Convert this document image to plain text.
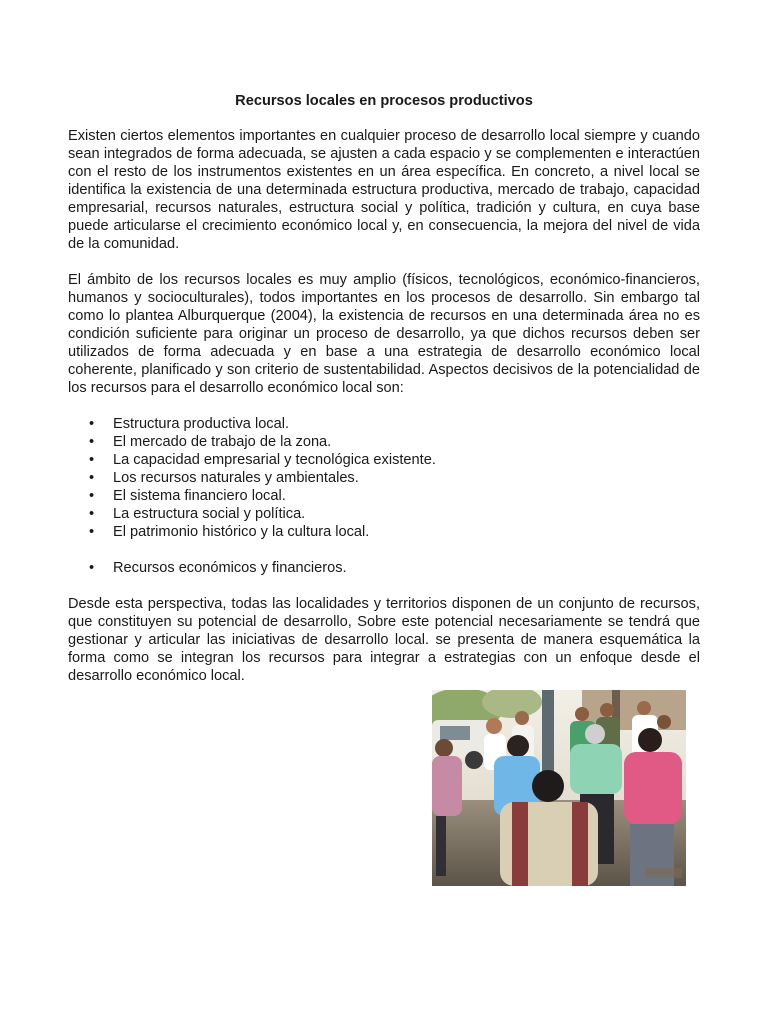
Recursos locales en procesos productivos
Existen ciertos elementos importantes en cualquier proceso de desarrollo local siempre y cuando sean integrados de forma adecuada, se ajusten a cada espacio y se complementen e interactúen con el resto de los instrumentos existentes en un área específica. En concreto, a nivel local se identifica la existencia de una determinada estructura productiva, mercado de trabajo, capacidad empresarial, recursos naturales, estructura social y política, tradición y cultura, en cuya base puede articularse el crecimiento económico local y, en consecuencia, la mejora del nivel de vida de la comunidad.
El ámbito de los recursos locales es muy amplio (físicos, tecnológicos, económico-financieros, humanos y socioculturales), todos importantes en los procesos de desarrollo. Sin embargo tal como lo plantea Alburquerque (2004), la existencia de recursos en una determinada área no es condición suficiente para originar un proceso de desarrollo, ya que dichos recursos deben ser utilizados de forma adecuada y en base a una estrategia de desarrollo económico local coherente, planificado y son criterio de sustentabilidad. Aspectos decisivos de la potencialidad de los recursos para el desarrollo económico local son:
• Estructura productiva local.
• El mercado de trabajo de la zona.
• La capacidad empresarial y tecnológica existente.
• Los recursos naturales y ambientales.
• El sistema financiero local.
• La estructura social y política.
• El patrimonio histórico y la cultura local.
• Recursos económicos y financieros.
Desde esta perspectiva, todas las localidades y territorios disponen de un conjunto de recursos, que constituyen su potencial de desarrollo, Sobre este potencial necesariamente se tendrá que gestionar y articular las iniciativas de desarrollo local. se presenta de manera esquemática la forma como se integran los recursos para integrar a estrategias con un enfoque desde el desarrollo económico local.
